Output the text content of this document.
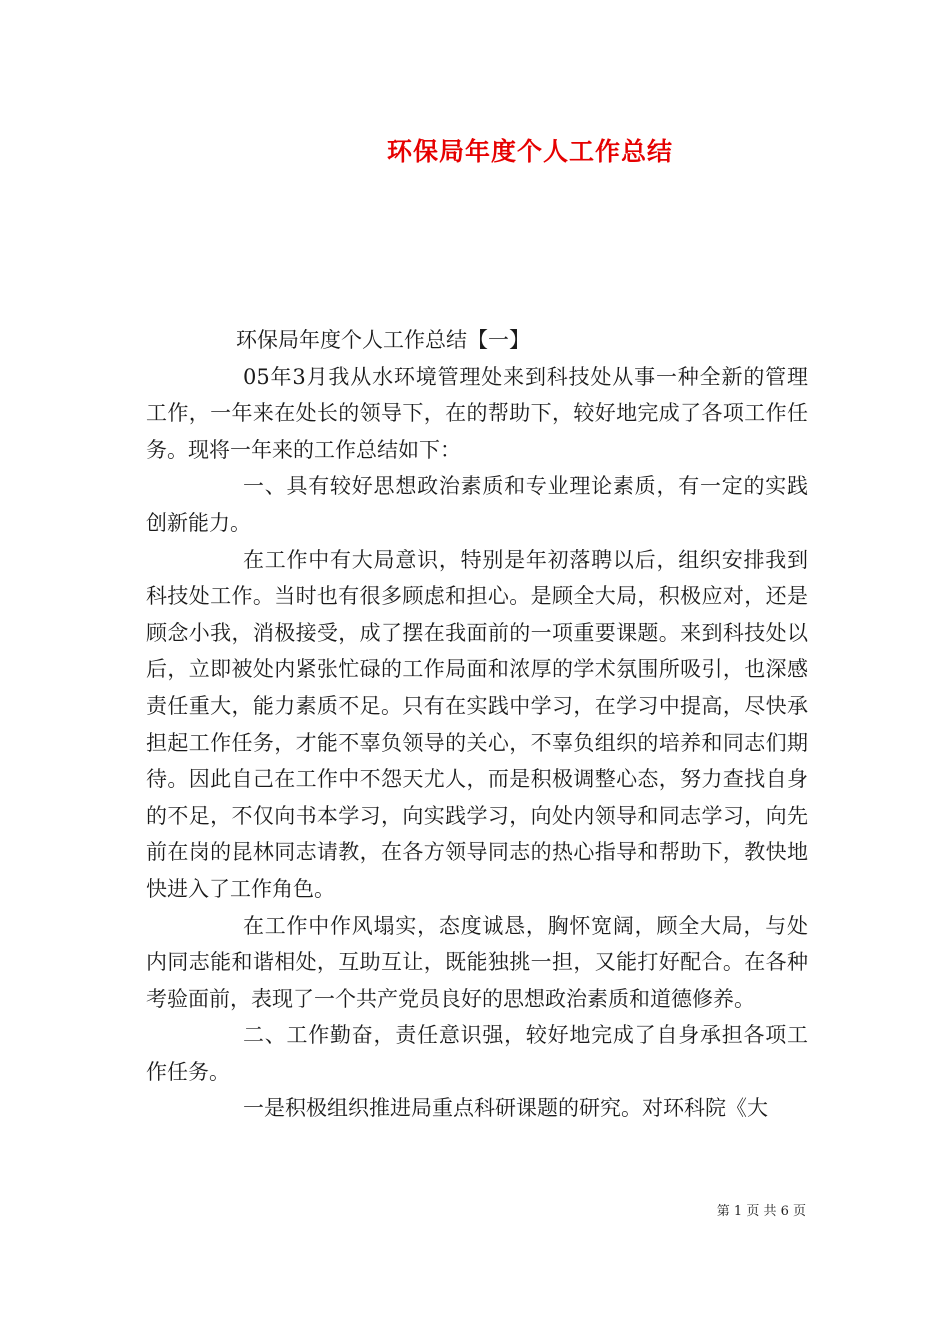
环保局年度个人工作总结

环保局年度个人工作总结【一】

05年3月我从水环境管理处来到科技处从事一种全新的管理工作，一年来在处长的领导下，在的帮助下，较好地完成了各项工作任务。现将一年来的工作总结如下：

一、具有较好思想政治素质和专业理论素质，有一定的实践创新能力。

在工作中有大局意识，特别是年初落聘以后，组织安排我到科技处工作。当时也有很多顾虑和担心。是顾全大局，积极应对，还是顾念小我，消极接受，成了摆在我面前的一项重要课题。来到科技处以后，立即被处内紧张忙碌的工作局面和浓厚的学术氛围所吸引，也深感责任重大，能力素质不足。只有在实践中学习，在学习中提高，尽快承担起工作任务，才能不辜负领导的关心，不辜负组织的培养和同志们期待。因此自己在工作中不怨天尤人，而是积极调整心态，努力查找自身的不足，不仅向书本学习，向实践学习，向处内领导和同志学习，向先前在岗的昆林同志请教，在各方领导同志的热心指导和帮助下，教快地快进入了工作角色。

在工作中作风塌实，态度诚恳，胸怀宽阔，顾全大局，与处内同志能和谐相处，互助互让，既能独挑一担，又能打好配合。在各种考验面前，表现了一个共产党员良好的思想政治素质和道德修养。

二、工作勤奋，责任意识强，较好地完成了自身承担各项工作任务。

一是积极组织推进局重点科研课题的研究。对环科院《大

第 1 页 共 6 页
